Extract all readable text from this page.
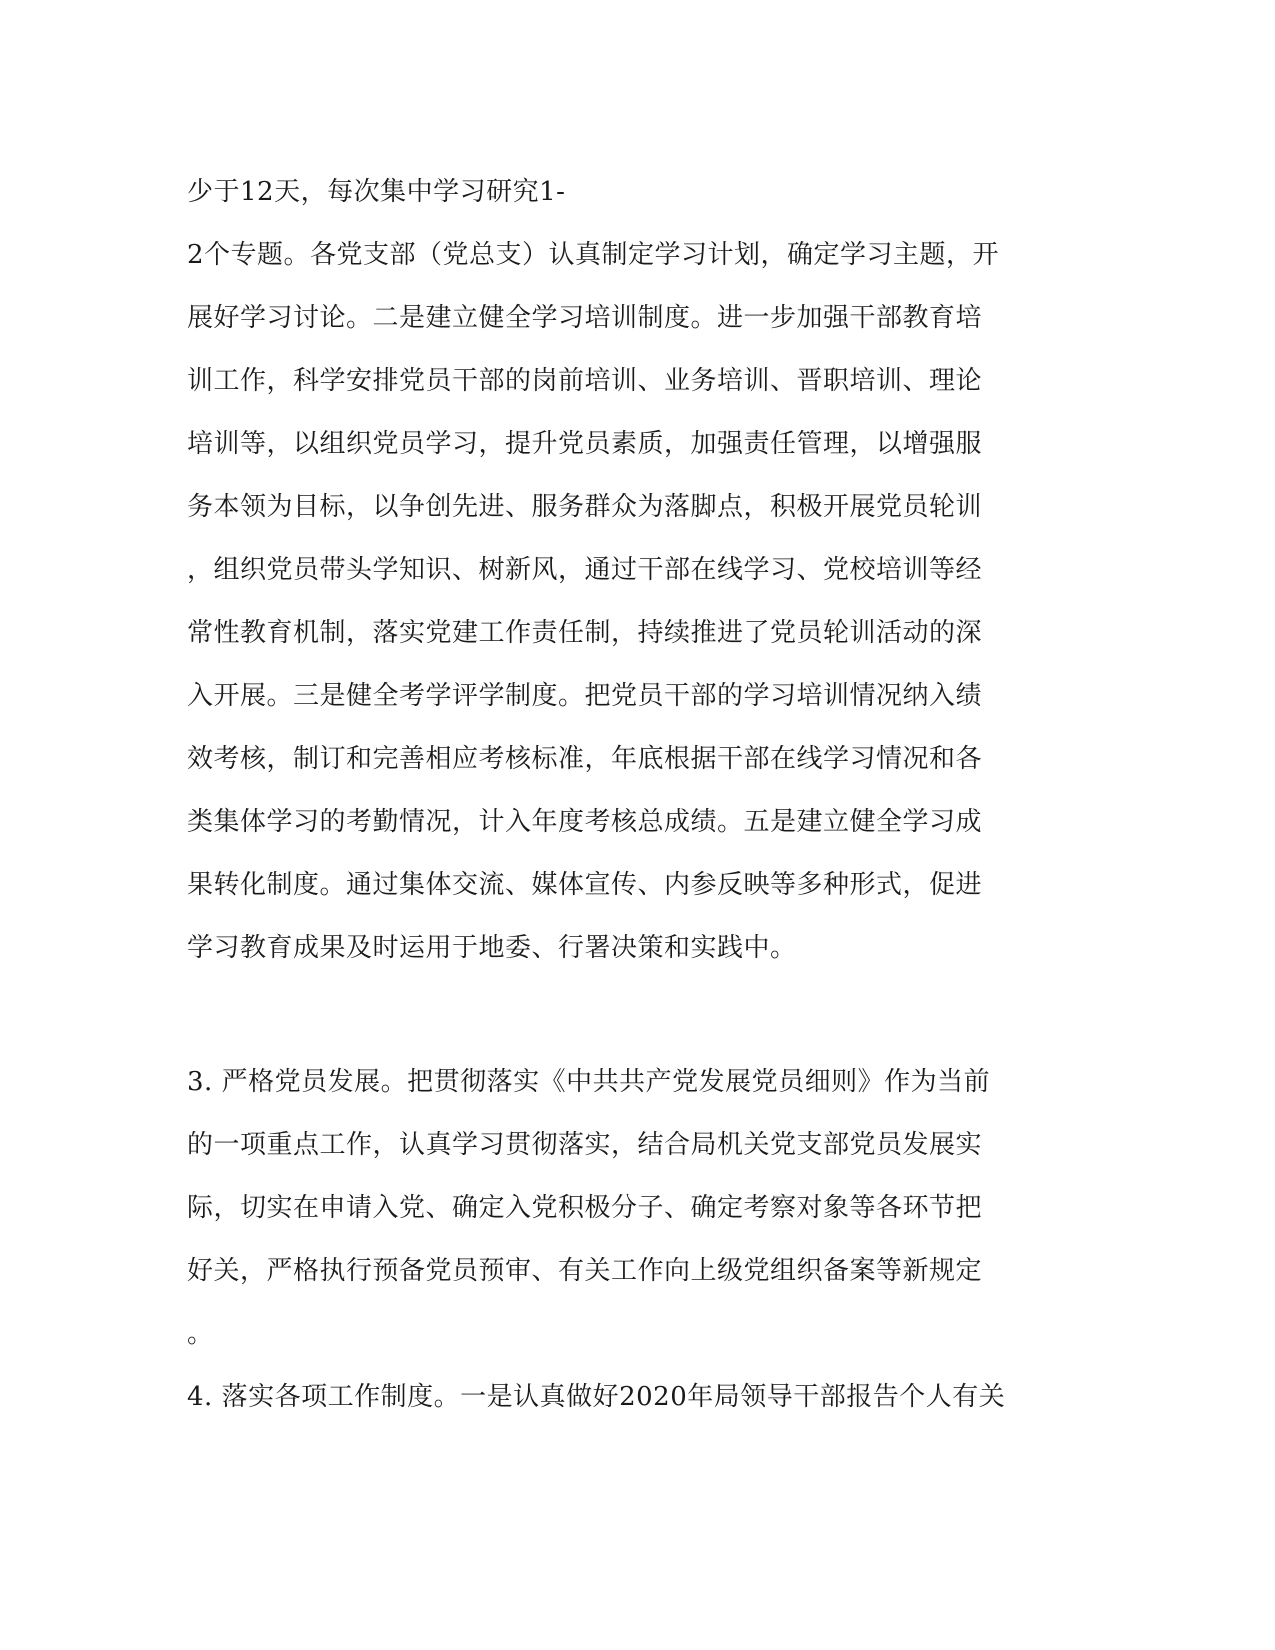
少于12天，每次集中学习研究1-
2个专题。各党支部（党总支）认真制定学习计划，确定学习主题，开
展好学习讨论。二是建立健全学习培训制度。进一步加强干部教育培
训工作，科学安排党员干部的岗前培训、业务培训、晋职培训、理论
培训等，以组织党员学习，提升党员素质，加强责任管理，以增强服
务本领为目标，以争创先进、服务群众为落脚点，积极开展党员轮训
，组织党员带头学知识、树新风，通过干部在线学习、党校培训等经
常性教育机制，落实党建工作责任制，持续推进了党员轮训活动的深
入开展。三是健全考学评学制度。把党员干部的学习培训情况纳入绩
效考核，制订和完善相应考核标准，年底根据干部在线学习情况和各
类集体学习的考勤情况，计入年度考核总成绩。五是建立健全学习成
果转化制度。通过集体交流、媒体宣传、内参反映等多种形式，促进
学习教育成果及时运用于地委、行署决策和实践中。
3. 严格党员发展。把贯彻落实《中共共产党发展党员细则》作为当前
的一项重点工作，认真学习贯彻落实，结合局机关党支部党员发展实
际，切实在申请入党、确定入党积极分子、确定考察对象等各环节把
好关，严格执行预备党员预审、有关工作向上级党组织备案等新规定
。
4. 落实各项工作制度。一是认真做好2020年局领导干部报告个人有关
